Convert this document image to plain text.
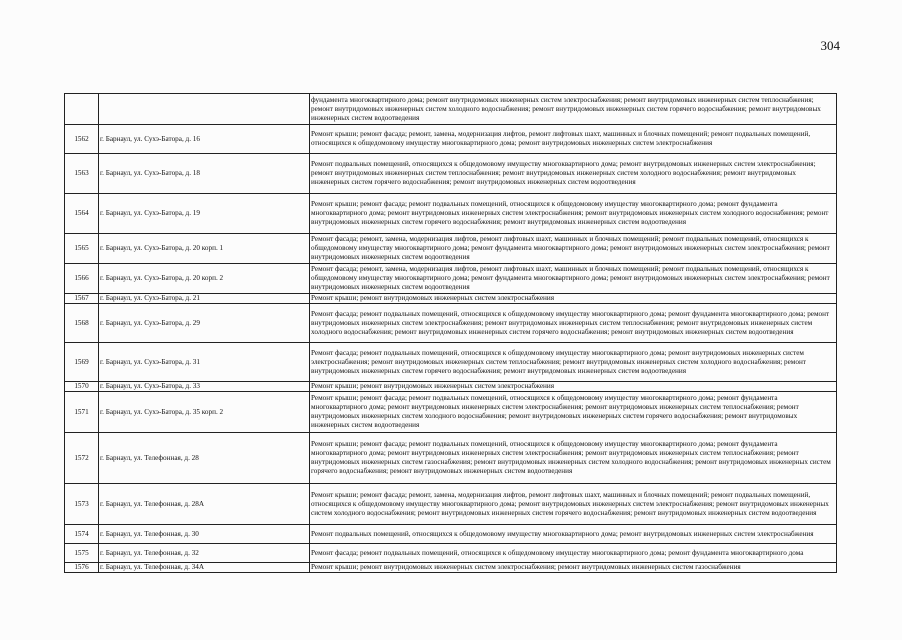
304
		фундамента многоквартирного дома; ремонт внутридомовых инженерных систем электроснабжения; ремонт внутридомовых инженерных систем теплоснабжения; ремонт внутридомовых инженерных систем холодного водоснабжения; ремонт внутридомовых инженерных систем горячего водоснабжения; ремонт внутридомовых инженерных систем водоотведения
1562	г. Барнаул, ул. Сухэ-Батора, д. 16	Ремонт крыши; ремонт фасада; ремонт, замена, модернизация лифтов, ремонт лифтовых шахт, машинных и блочных помещений; ремонт подвальных помещений, относящихся к общедомовому имуществу многоквартирного дома; ремонт внутридомовых инженерных систем электроснабжения
1563	г. Барнаул, ул. Сухэ-Батора, д. 18	Ремонт подвальных помещений, относящихся к общедомовому имуществу многоквартирного дома; ремонт внутридомовых инженерных систем электроснабжения; ремонт внутридомовых инженерных систем теплоснабжения; ремонт внутридомовых инженерных систем холодного водоснабжения; ремонт внутридомовых инженерных систем горячего водоснабжения; ремонт внутридомовых инженерных систем водоотведения
1564	г. Барнаул, ул. Сухэ-Батора, д. 19	Ремонт крыши; ремонт фасада; ремонт подвальных помещений, относящихся к общедомовому имуществу многоквартирного дома; ремонт фундамента многоквартирного дома; ремонт внутридомовых инженерных систем электроснабжения; ремонт внутридомовых инженерных систем холодного водоснабжения; ремонт внутридомовых инженерных систем горячего водоснабжения; ремонт внутридомовых инженерных систем водоотведения
1565	г. Барнаул, ул. Сухэ-Батора, д. 20 корп. 1	Ремонт фасада; ремонт, замена, модернизация лифтов, ремонт лифтовых шахт, машинных и блочных помещений; ремонт подвальных помещений, относящихся к общедомовому имуществу многоквартирного дома; ремонт фундамента многоквартирного дома; ремонт внутридомовых инженерных систем электроснабжения; ремонт внутридомовых инженерных систем водоотведения
1566	г. Барнаул, ул. Сухэ-Батора, д. 20 корп. 2	Ремонт фасада; ремонт, замена, модернизация лифтов, ремонт лифтовых шахт, машинных и блочных помещений; ремонт подвальных помещений, относящихся к общедомовому имуществу многоквартирного дома; ремонт фундамента многоквартирного дома; ремонт внутридомовых инженерных систем электроснабжения; ремонт внутридомовых инженерных систем водоотведения
1567	г. Барнаул, ул. Сухэ-Батора, д. 21	Ремонт крыши; ремонт внутридомовых инженерных систем электроснабжения
1568	г. Барнаул, ул. Сухэ-Батора, д. 29	Ремонт фасада; ремонт подвальных помещений, относящихся к общедомовому имуществу многоквартирного дома; ремонт фундамента многоквартирного дома; ремонт внутридомовых инженерных систем электроснабжения; ремонт внутридомовых инженерных систем теплоснабжения; ремонт внутридомовых инженерных систем холодного водоснабжения; ремонт внутридомовых инженерных систем горячего водоснабжения; ремонт внутридомовых инженерных систем водоотведения
1569	г. Барнаул, ул. Сухэ-Батора, д. 31	Ремонт фасада; ремонт подвальных помещений, относящихся к общедомовому имуществу многоквартирного дома; ремонт внутридомовых инженерных систем электроснабжения; ремонт внутридомовых инженерных систем теплоснабжения; ремонт внутридомовых инженерных систем холодного водоснабжения; ремонт внутридомовых инженерных систем горячего водоснабжения; ремонт внутридомовых инженерных систем водоотведения
1570	г. Барнаул, ул. Сухэ-Батора, д. 33	Ремонт крыши; ремонт внутридомовых инженерных систем электроснабжения
1571	г. Барнаул, ул. Сухэ-Батора, д. 35 корп. 2	Ремонт крыши; ремонт фасада; ремонт подвальных помещений, относящихся к общедомовому имуществу многоквартирного дома; ремонт фундамента многоквартирного дома; ремонт внутридомовых инженерных систем электроснабжения; ремонт внутридомовых инженерных систем теплоснабжения; ремонт внутридомовых инженерных систем холодного водоснабжения; ремонт внутридомовых инженерных систем горячего водоснабжения; ремонт внутридомовых инженерных систем водоотведения
1572	г. Барнаул, ул. Телефонная, д. 28	Ремонт крыши; ремонт фасада; ремонт подвальных помещений, относящихся к общедомовому имуществу многоквартирного дома; ремонт фундамента многоквартирного дома; ремонт внутридомовых инженерных систем электроснабжения; ремонт внутридомовых инженерных систем теплоснабжения; ремонт внутридомовых инженерных систем газоснабжения; ремонт внутридомовых инженерных систем холодного водоснабжения; ремонт внутридомовых инженерных систем горячего водоснабжения; ремонт внутридомовых инженерных систем водоотведения
1573	г. Барнаул, ул. Телефонная, д. 28А	Ремонт крыши; ремонт фасада; ремонт, замена, модернизация лифтов, ремонт лифтовых шахт, машинных и блочных помещений; ремонт подвальных помещений, относящихся к общедомовому имуществу многоквартирного дома; ремонт внутридомовых инженерных систем электроснабжения; ремонт внутридомовых инженерных систем холодного водоснабжения; ремонт внутридомовых инженерных систем горячего водоснабжения; ремонт внутридомовых инженерных систем водоотведения
1574	г. Барнаул, ул. Телефонная, д. 30	Ремонт подвальных помещений, относящихся к общедомовому имуществу многоквартирного дома; ремонт внутридомовых инженерных систем электроснабжения
1575	г. Барнаул, ул. Телефонная, д. 32	Ремонт фасада; ремонт подвальных помещений, относящихся к общедомовому имуществу многоквартирного дома; ремонт фундамента многоквартирного дома
1576	г. Барнаул, ул. Телефонная, д. 34А	Ремонт крыши; ремонт внутридомовых инженерных систем электроснабжения; ремонт внутридомовых инженерных систем газоснабжения
